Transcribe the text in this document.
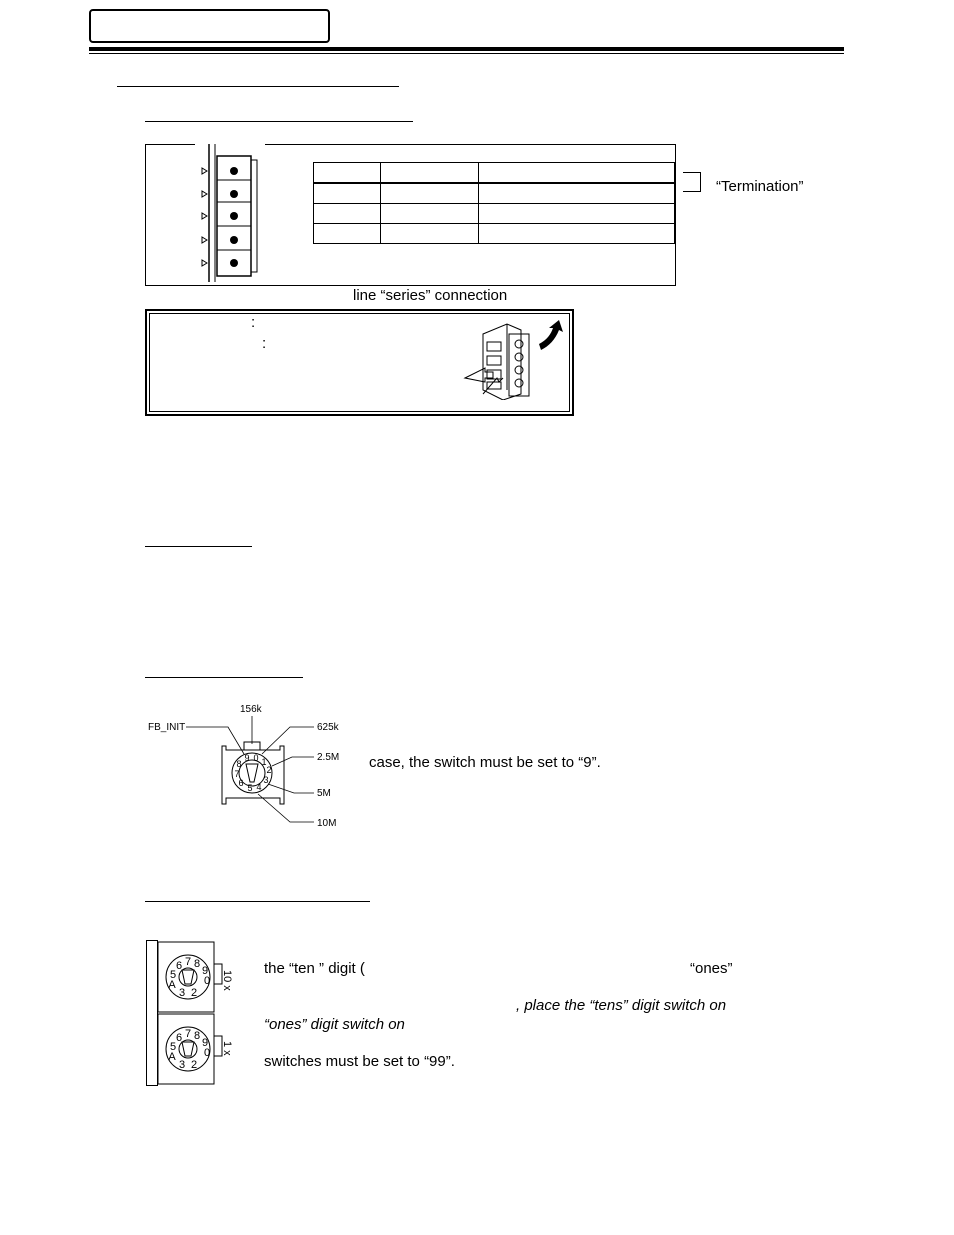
“Termination”
line “series” connection
:
:
0 1
2
3
4
5
6
7
8
9
FB_INIT
156k
625k
2.5M
5M
10M
case, the switch must be set to “9”.
7 8
9
0
6
5
A
3 2
7 8
9
0
6
5
A
3 2
10 x
1 x
the “ten ” digit (	“ones”
, place the “tens” digit switch on
“ones” digit switch on
switches must be set to “99”.
